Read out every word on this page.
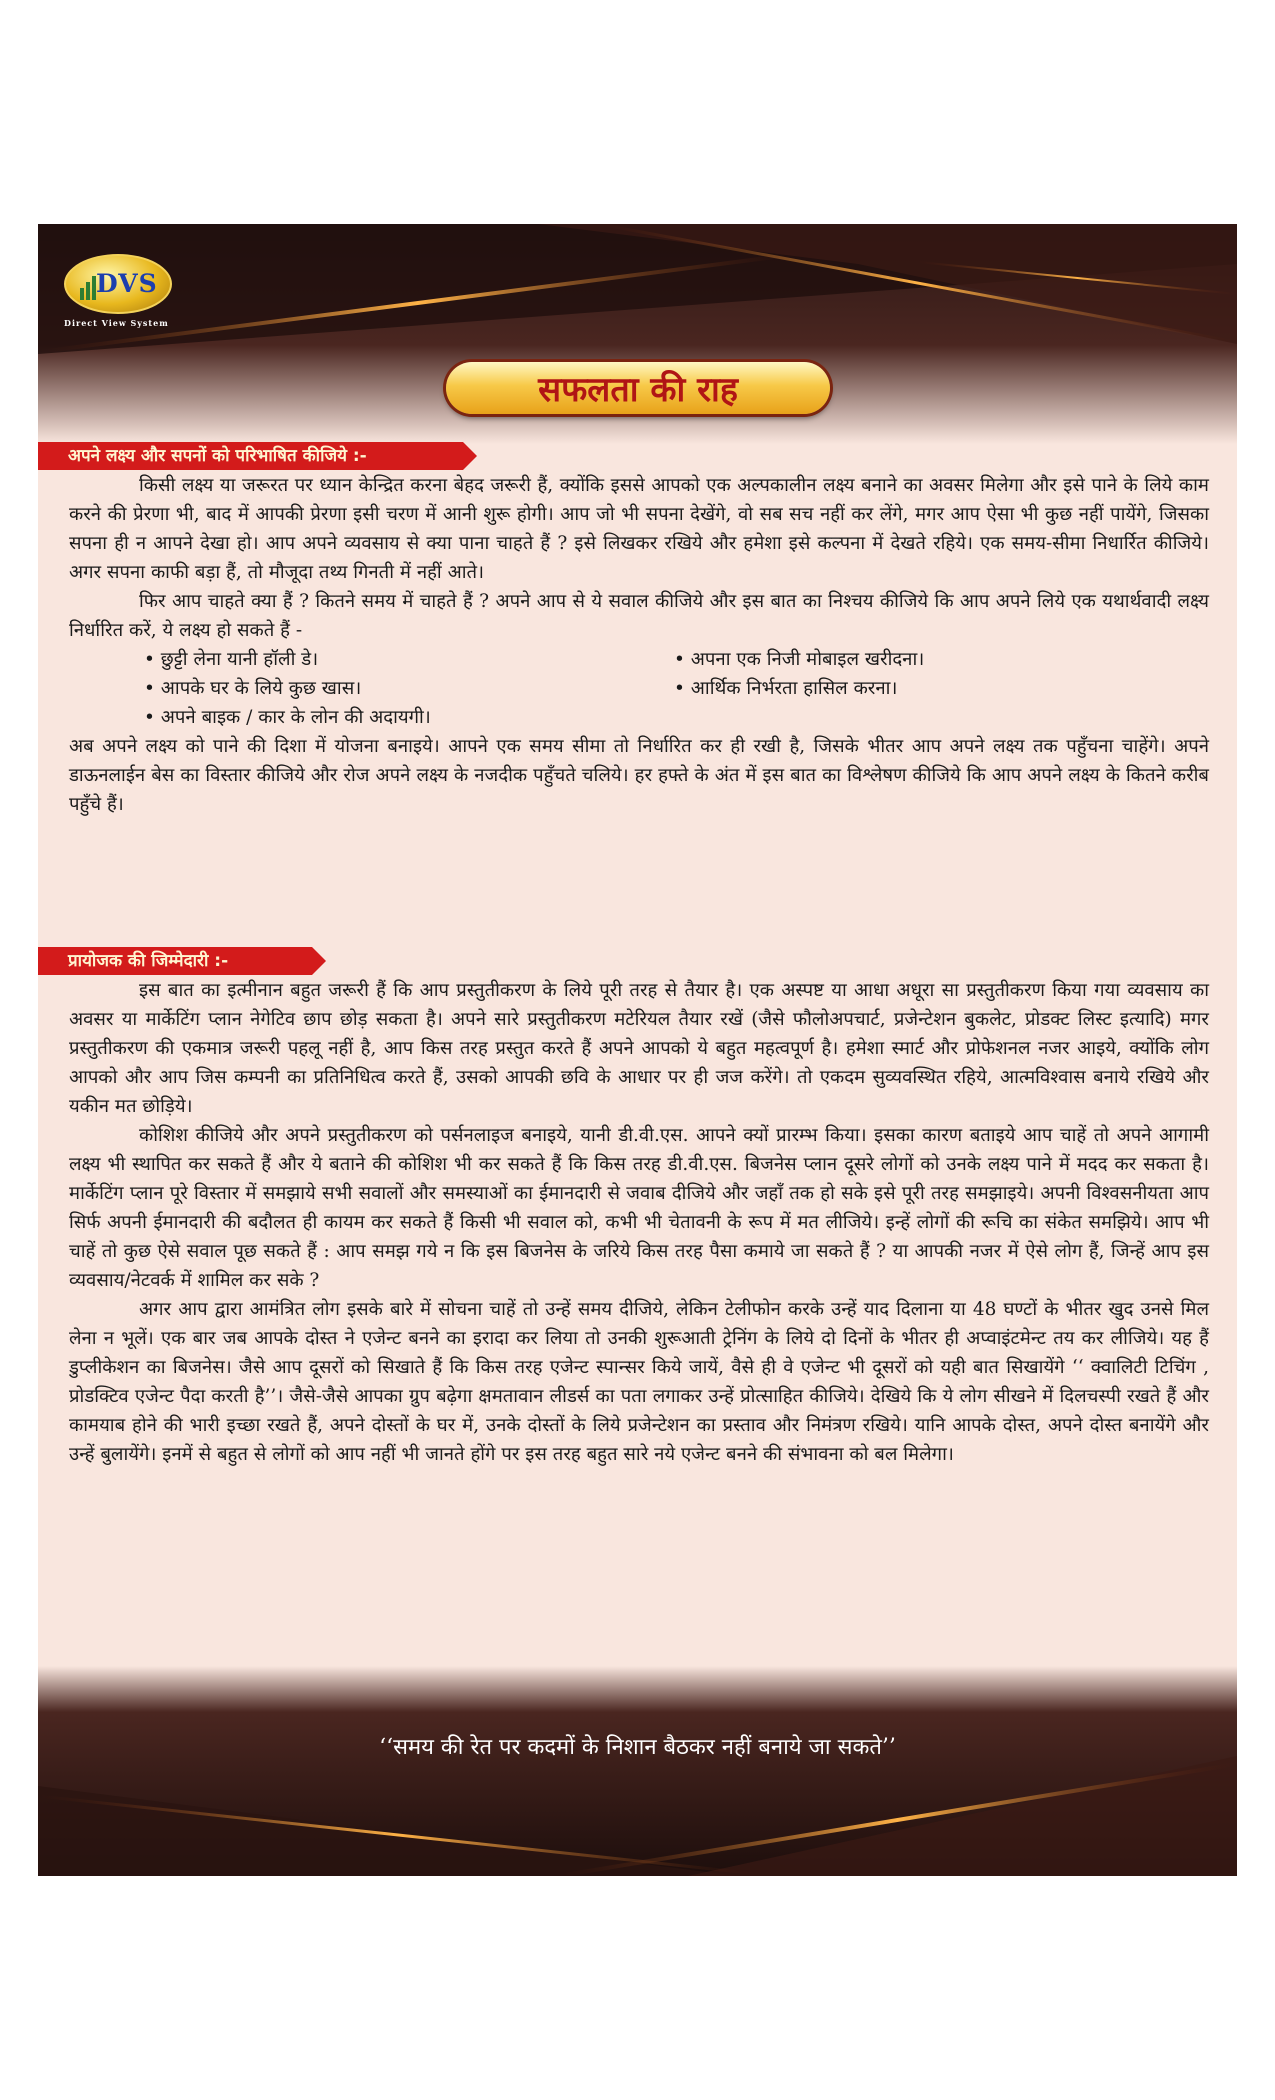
DVS
Direct View System
सफलता की राह
अपने लक्ष्य और सपनों को परिभाषित कीजिये :-

किसी लक्ष्य या जरूरत पर ध्यान केन्द्रित करना बेहद जरूरी हैं, क्योंकि इससे आपको एक अल्पकालीन लक्ष्य बनाने का अवसर मिलेगा और इसे पाने के लिये काम करने की प्रेरणा भी, बाद में आपकी प्रेरणा इसी चरण में आनी शुरू होगी। आप जो भी सपना देखेंगे, वो सब सच नहीं कर लेंगे, मगर आप ऐसा भी कुछ नहीं पायेंगे, जिसका सपना ही न आपने देखा हो। आप अपने व्यवसाय से क्या पाना चाहते हैं ? इसे लिखकर रखिये और हमेशा इसे कल्पना में देखते रहिये। एक समय-सीमा निधार्रित कीजिये। अगर सपना काफी बड़ा हैं, तो मौजूदा तथ्य गिनती में नहीं आते।

फिर आप चाहते क्या हैं ? कितने समय में चाहते हैं ? अपने आप से ये सवाल कीजिये और इस बात का निश्चय कीजिये कि आप अपने लिये एक यथार्थवादी लक्ष्य निर्धारित करें, ये लक्ष्य हो सकते हैं -

• छुट्टी लेना यानी हॉली डे।	• अपना एक निजी मोबाइल खरीदना।
• आपके घर के लिये कुछ खास।	• आर्थिक निर्भरता हासिल करना।
• अपने बाइक / कार के लोन की अदायगी।

अब अपने लक्ष्य को पाने की दिशा में योजना बनाइये। आपने एक समय सीमा तो निर्धारित कर ही रखी है, जिसके भीतर आप अपने लक्ष्य तक पहुँचना चाहेंगे। अपने डाऊनलाईन बेस का विस्तार कीजिये और रोज अपने लक्ष्य के नजदीक पहुँचते चलिये। हर हफ्ते के अंत में इस बात का विश्लेषण कीजिये कि आप अपने लक्ष्य के कितने करीब पहुँचे हैं।

प्रायोजक की जिम्मेदारी :-

इस बात का इत्मीनान बहुत जरूरी हैं कि आप प्रस्तुतीकरण के लिये पूरी तरह से तैयार है। एक अस्पष्ट या आधा अधूरा सा प्रस्तुतीकरण किया गया व्यवसाय का अवसर या मार्केटिंग प्लान नेगेटिव छाप छोड़ सकता है। अपने सारे प्रस्तुतीकरण मटेरियल तैयार रखें (जैसे फौलोअपचार्ट, प्रजेन्टेशन बुकलेट, प्रोडक्ट लिस्ट इत्यादि) मगर प्रस्तुतीकरण की एकमात्र जरूरी पहलू नहीं है, आप किस तरह प्रस्तुत करते हैं अपने आपको ये बहुत महत्वपूर्ण है। हमेशा स्मार्ट और प्रोफेशनल नजर आइये, क्योंकि लोग आपको और आप जिस कम्पनी का प्रतिनिधित्व करते हैं, उसको आपकी छवि के आधार पर ही जज करेंगे। तो एकदम सुव्यवस्थित रहिये, आत्मविश्वास बनाये रखिये और यकीन मत छोड़िये।

कोशिश कीजिये और अपने प्रस्तुतीकरण को पर्सनलाइज बनाइये, यानी डी.वी.एस. आपने क्यों प्रारम्भ किया। इसका कारण बताइये आप चाहें तो अपने आगामी लक्ष्य भी स्थापित कर सकते हैं और ये बताने की कोशिश भी कर सकते हैं कि किस तरह डी.वी.एस. बिजनेस प्लान दूसरे लोगों को उनके लक्ष्य पाने में मदद कर सकता है। मार्केटिंग प्लान पूरे विस्तार में समझाये सभी सवालों और समस्याओं का ईमानदारी से जवाब दीजिये और जहाँ तक हो सके इसे पूरी तरह समझाइये। अपनी विश्वसनीयता आप सिर्फ अपनी ईमानदारी की बदौलत ही कायम कर सकते हैं किसी भी सवाल को, कभी भी चेतावनी के रूप में मत लीजिये। इन्हें लोगों की रूचि का संकेत समझिये। आप भी चाहें तो कुछ ऐसे सवाल पूछ सकते हैं : आप समझ गये न कि इस बिजनेस के जरिये किस तरह पैसा कमाये जा सकते हैं ? या आपकी नजर में ऐसे लोग हैं, जिन्हें आप इस व्यवसाय/नेटवर्क में शामिल कर सके ?

अगर आप द्वारा आमंत्रित लोग इसके बारे में सोचना चाहें तो उन्हें समय दीजिये, लेकिन टेलीफोन करके उन्हें याद दिलाना या 48 घण्टों के भीतर खुद उनसे मिल लेना न भूलें। एक बार जब आपके दोस्त ने एजेन्ट बनने का इरादा कर लिया तो उनकी शुरूआती ट्रेनिंग के लिये दो दिनों के भीतर ही अप्वाइंटमेन्ट तय कर लीजिये। यह हैं डुप्लीकेशन का बिजनेस। जैसे आप दूसरों को सिखाते हैं कि किस तरह एजेन्ट स्पान्सर किये जायें, वैसे ही वे एजेन्ट भी दूसरों को यही बात सिखायेंगे ‘‘ क्वालिटी टिचिंग , प्रोडक्टिव एजेन्ट पैदा करती है’’। जैसे-जैसे आपका ग्रुप बढ़ेगा क्षमतावान लीडर्स का पता लगाकर उन्हें प्रोत्साहित कीजिये। देखिये कि ये लोग सीखने में दिलचस्पी रखते हैं और कामयाब होने की भारी इच्छा रखते हैं, अपने दोस्तों के घर में, उनके दोस्तों के लिये प्रजेन्टेशन का प्रस्ताव और निमंत्रण रखिये। यानि आपके दोस्त, अपने दोस्त बनायेंगे और उन्हें बुलायेंगे। इनमें से बहुत से लोगों को आप नहीं भी जानते होंगे पर इस तरह बहुत सारे नये एजेन्ट बनने की संभावना को बल मिलेगा।

‘‘समय की रेत पर कदमों के निशान बैठकर नहीं बनाये जा सकते’’
